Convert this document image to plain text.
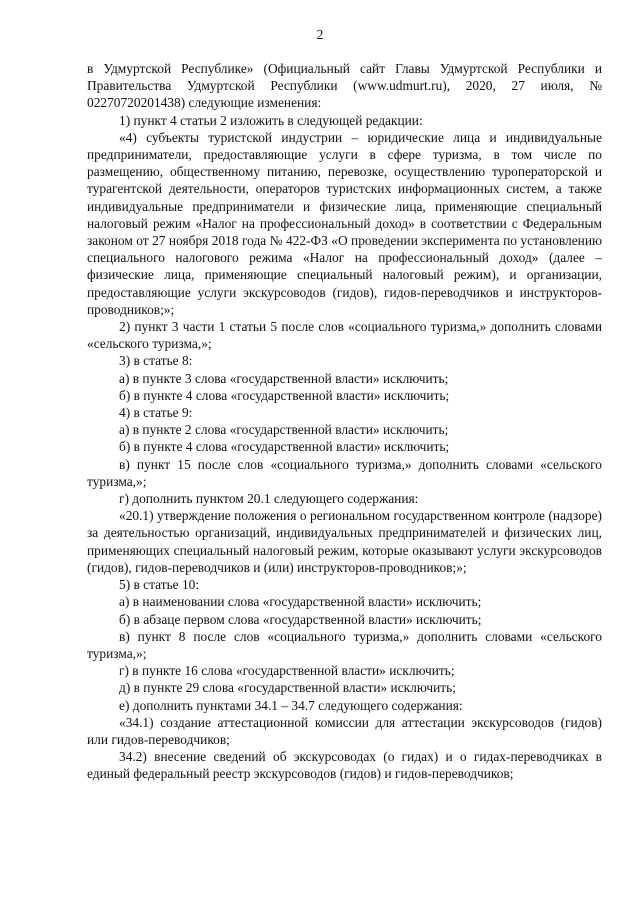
2

в Удмуртской Республике» (Официальный сайт Главы Удмуртской Республики и Правительства Удмуртской Республики (www.udmurt.ru), 2020, 27 июля, № 02270720201438) следующие изменения:

1) пункт 4 статьи 2 изложить в следующей редакции:

«4) субъекты туристской индустрии – юридические лица и индивидуальные предприниматели, предоставляющие услуги в сфере туризма, в том числе по размещению, общественному питанию, перевозке, осуществлению туроператорской и турагентской деятельности, операторов туристских информационных систем, а также индивидуальные предприниматели и физические лица, применяющие специальный налоговый режим «Налог на профессиональный доход» в соответствии с Федеральным законом от 27 ноября 2018 года № 422-ФЗ «О проведении эксперимента по установлению специального налогового режима «Налог на профессиональный доход» (далее – физические лица, применяющие специальный налоговый режим), и организации, предоставляющие услуги экскурсоводов (гидов), гидов-переводчиков и инструкторов-проводников;»;

2) пункт 3 части 1 статьи 5 после слов «социального туризма,» дополнить словами «сельского туризма,»;

3) в статье 8:

а) в пункте 3 слова «государственной власти» исключить;

б) в пункте 4 слова «государственной власти» исключить;

4) в статье 9:

а) в пункте 2 слова «государственной власти» исключить;

б) в пункте 4 слова «государственной власти» исключить;

в) пункт 15 после слов «социального туризма,» дополнить словами «сельского туризма,»;

г) дополнить пунктом 20.1 следующего содержания:

«20.1) утверждение положения о региональном государственном контроле (надзоре) за деятельностью организаций, индивидуальных предпринимателей и физических лиц, применяющих специальный налоговый режим, которые оказывают услуги экскурсоводов (гидов), гидов-переводчиков и (или) инструкторов-проводников;»;

5) в статье 10:

а) в наименовании слова «государственной власти» исключить;

б) в абзаце первом слова «государственной власти» исключить;

в) пункт 8 после слов «социального туризма,» дополнить словами «сельского туризма,»;

г) в пункте 16 слова «государственной власти» исключить;

д) в пункте 29 слова «государственной власти» исключить;

е) дополнить пунктами 34.1 – 34.7 следующего содержания:

«34.1) создание аттестационной комиссии для аттестации экскурсоводов (гидов) или гидов-переводчиков;

34.2) внесение сведений об экскурсоводах (о гидах) и о гидах-переводчиках в единый федеральный реестр экскурсоводов (гидов) и гидов-переводчиков;
